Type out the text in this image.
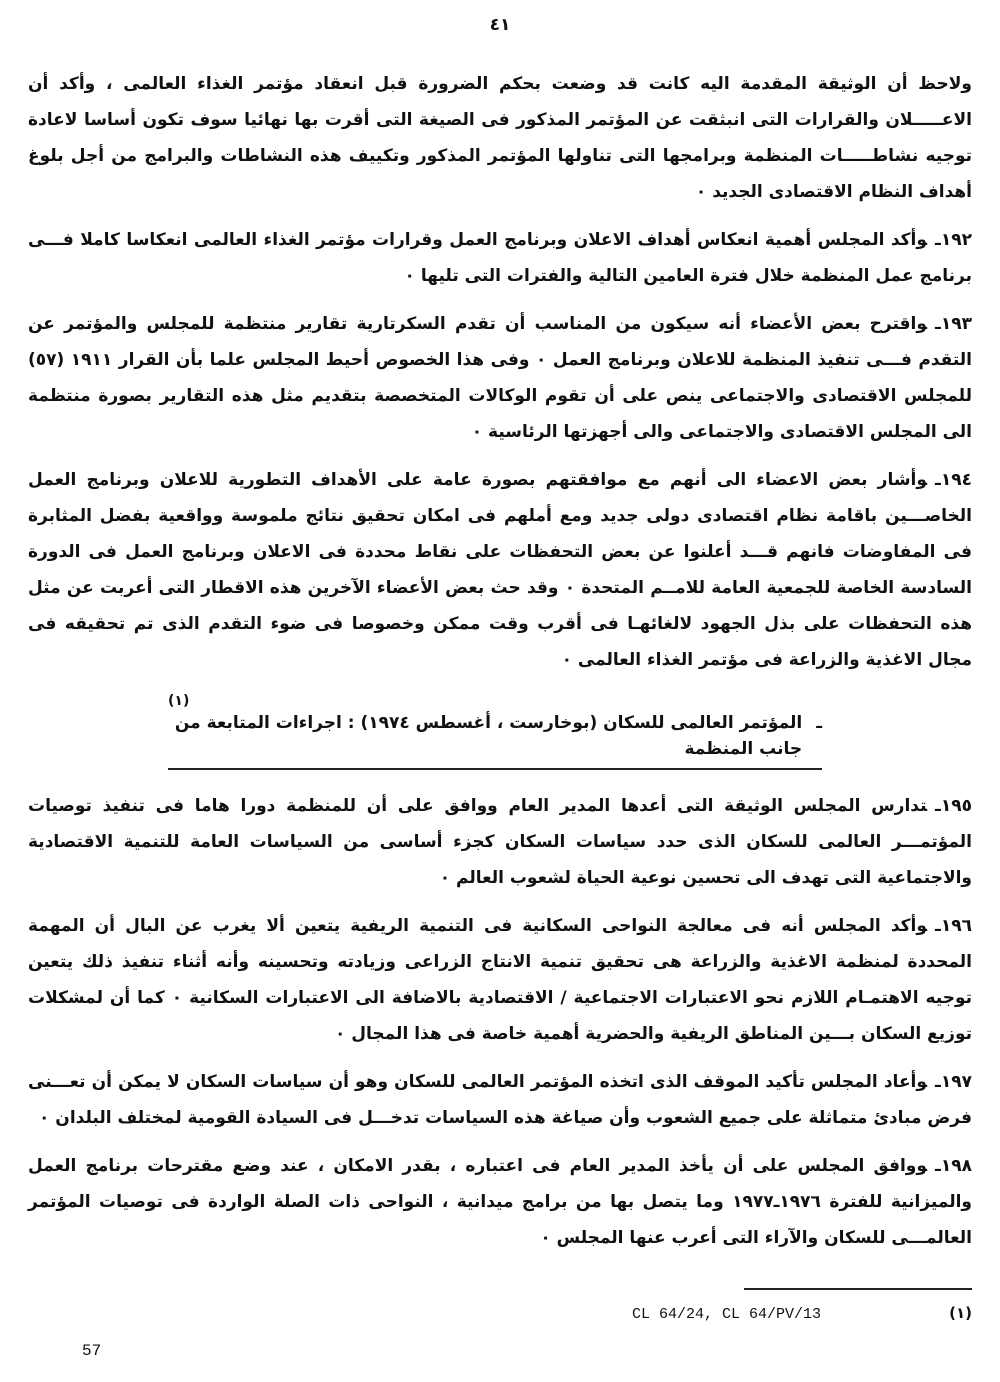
٤١

ولاحظ أن الوثيقة المقدمة اليه كانت قد وضعت بحكم الضرورة قبل انعقاد مؤتمر الغذاء العالمى ، وأكد أن الاعـــــلان والقرارات التى انبثقت عن المؤتمر المذكور فى الصيغة التى أقرت بها نهائيا سوف تكون أساسا لاعادة توجيه نشاطـــــات المنظمة وبرامجها التى تناولها المؤتمر المذكور وتكييف هذه النشاطات والبرامج من أجل بلوغ أهداف النظام الاقتصادى الجديد ٠

١٩٢ـوأكد المجلس أهمية انعكاس أهداف الاعلان وبرنامج العمل وقرارات مؤتمر الغذاء العالمى انعكاسا كاملا فـــى برنامج عمل المنظمة خلال فترة العامين التالية والفترات التى تليها ٠

١٩٣ـواقترح بعض الأعضاء أنه سيكون من المناسب أن تقدم السكرتارية تقارير منتظمة للمجلس والمؤتمر عن التقدم فـــى تنفيذ المنظمة للاعلان وبرنامج العمل ٠ وفى هذا الخصوص أحيط المجلس علما بأن القرار ١٩١١ (٥٧) للمجلس الاقتصادى والاجتماعى ينص على أن تقوم الوكالات المتخصصة بتقديم مثل هذه التقارير بصورة منتظمة الى المجلس الاقتصادى والاجتماعى والى أجهزتها الرئاسية ٠

١٩٤ـوأشار بعض الاعضاء الى أنهم مع موافقتهم بصورة عامة على الأهداف التطورية للاعلان وبرنامج العمل الخاصـــين باقامة نظام اقتصادى دولى جديد ومع أملهم فى امكان تحقيق نتائج ملموسة وواقعية بفضل المثابرة فى المفاوضات فانهم قـــد أعلنوا عن بعض التحفظات على نقاط محددة فى الاعلان وبرنامج العمل فى الدورة السادسة الخاصة للجمعية العامة للامــم المتحدة ٠ وقد حث بعض الأعضاء الآخرين هذه الاقطار التى أعربت عن مثل هذه التحفظات على بذل الجهود لالغائهـا فى أقرب وقت ممكن وخصوصا فى ضوء التقدم الذى تم تحقيقه فى مجال الاغذية والزراعة فى مؤتمر الغذاء العالمى ٠

(١)
ـ
المؤتمر العالمى للسكان (بوخارست ، أغسطس ١٩٧٤) : اجراءات المتابعة من جانب المنظمة

١٩٥ـتدارس المجلس الوثيقة التى أعدها المدير العام ووافق على أن للمنظمة دورا هاما فى تنفيذ توصيات المؤتمـــر العالمى للسكان الذى حدد سياسات السكان كجزء أساسى من السياسات العامة للتنمية الاقتصادية والاجتماعية التى تهدف الى تحسين نوعية الحياة لشعوب العالم ٠

١٩٦ـوأكد المجلس أنه فى معالجة النواحى السكانية فى التنمية الريفية يتعين ألا يغرب عن البال أن المهمة المحددة لمنظمة الاغذية والزراعة هى تحقيق تنمية الانتاج الزراعى وزيادته وتحسينه وأنه أثناء تنفيذ ذلك يتعين توجيه الاهتمـام اللازم نحو الاعتبارات الاجتماعية / الاقتصادية بالاضافة الى الاعتبارات السكانية ٠ كما أن لمشكلات توزيع السكان بـــين المناطق الريفية والحضرية أهمية خاصة فى هذا المجال ٠

١٩٧ـوأعاد المجلس تأكيد الموقف الذى اتخذه المؤتمر العالمى للسكان وهو أن سياسات السكان لا يمكن أن تعـــنى فرض مبادئ متماثلة على جميع الشعوب وأن صياغة هذه السياسات تدخـــل فى السيادة القومية لمختلف البلدان ٠

١٩٨ـووافق المجلس على أن يأخذ المدير العام فى اعتباره ، بقدر الامكان ، عند وضع مقترحات برنامج العمل والميزانية للفترة ١٩٧٦ـ١٩٧٧ وما يتصل بها من برامج ميدانية ، النواحى ذات الصلة الواردة فى توصيات المؤتمر العالمـــى للسكان والآراء التى أعرب عنها المجلس ٠

CL 64/24, CL 64/PV/13	(١)
57
